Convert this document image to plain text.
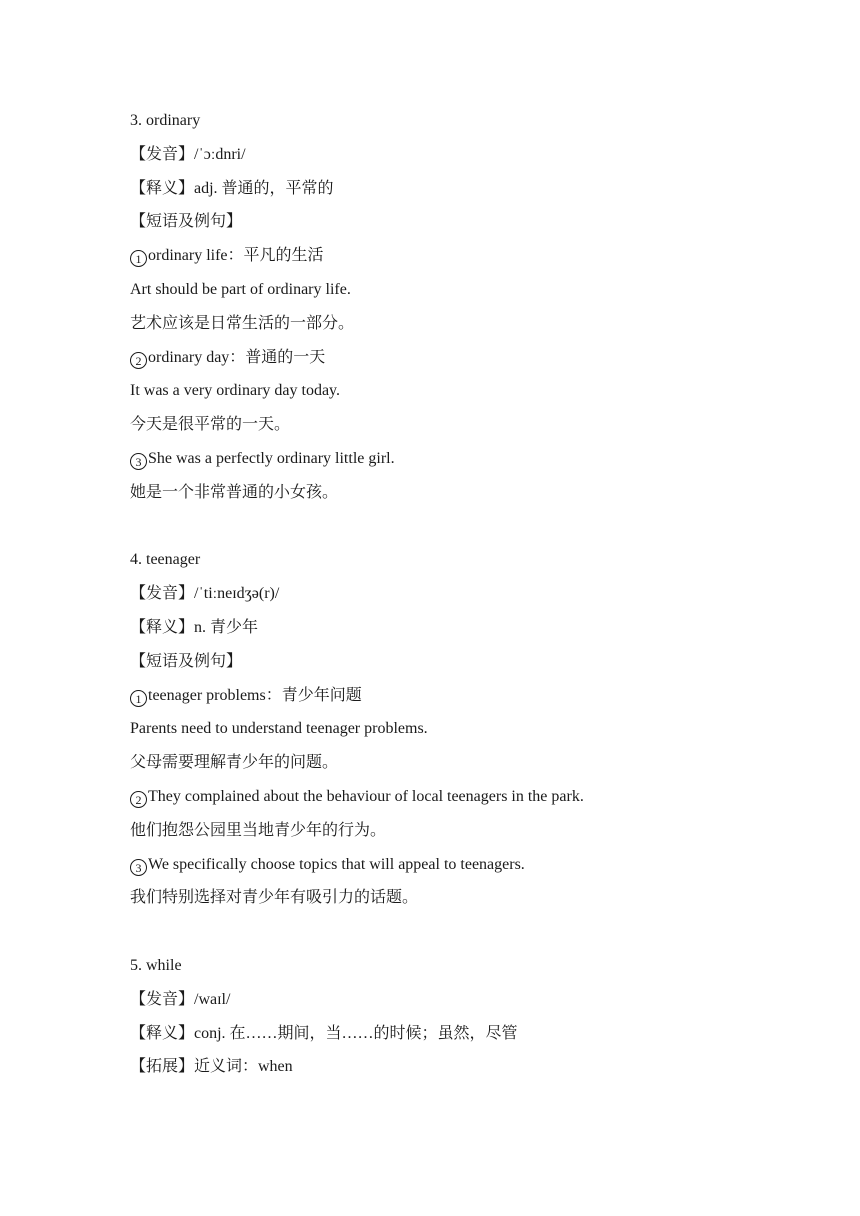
3. ordinary
【发音】/ˈɔːdnri/
【释义】adj. 普通的，平常的
【短语及例句】
1 ordinary life：平凡的生活
Art should be part of ordinary life.
艺术应该是日常生活的一部分。
2 ordinary day：普通的一天
It was a very ordinary day today.
今天是很平常的一天。
3 She was a perfectly ordinary little girl.
她是一个非常普通的小女孩。
4. teenager
【发音】/ˈtiːneɪdʒə(r)/
【释义】n. 青少年
【短语及例句】
1 teenager problems：青少年问题
Parents need to understand teenager problems.
父母需要理解青少年的问题。
2 They complained about the behaviour of local teenagers in the park.
他们抱怨公园里当地青少年的行为。
3 We specifically choose topics that will appeal to teenagers.
我们特别选择对青少年有吸引力的话题。
5. while
【发音】/waɪl/
【释义】conj. 在……期间，当……的时候；虽然，尽管
【拓展】近义词：when
